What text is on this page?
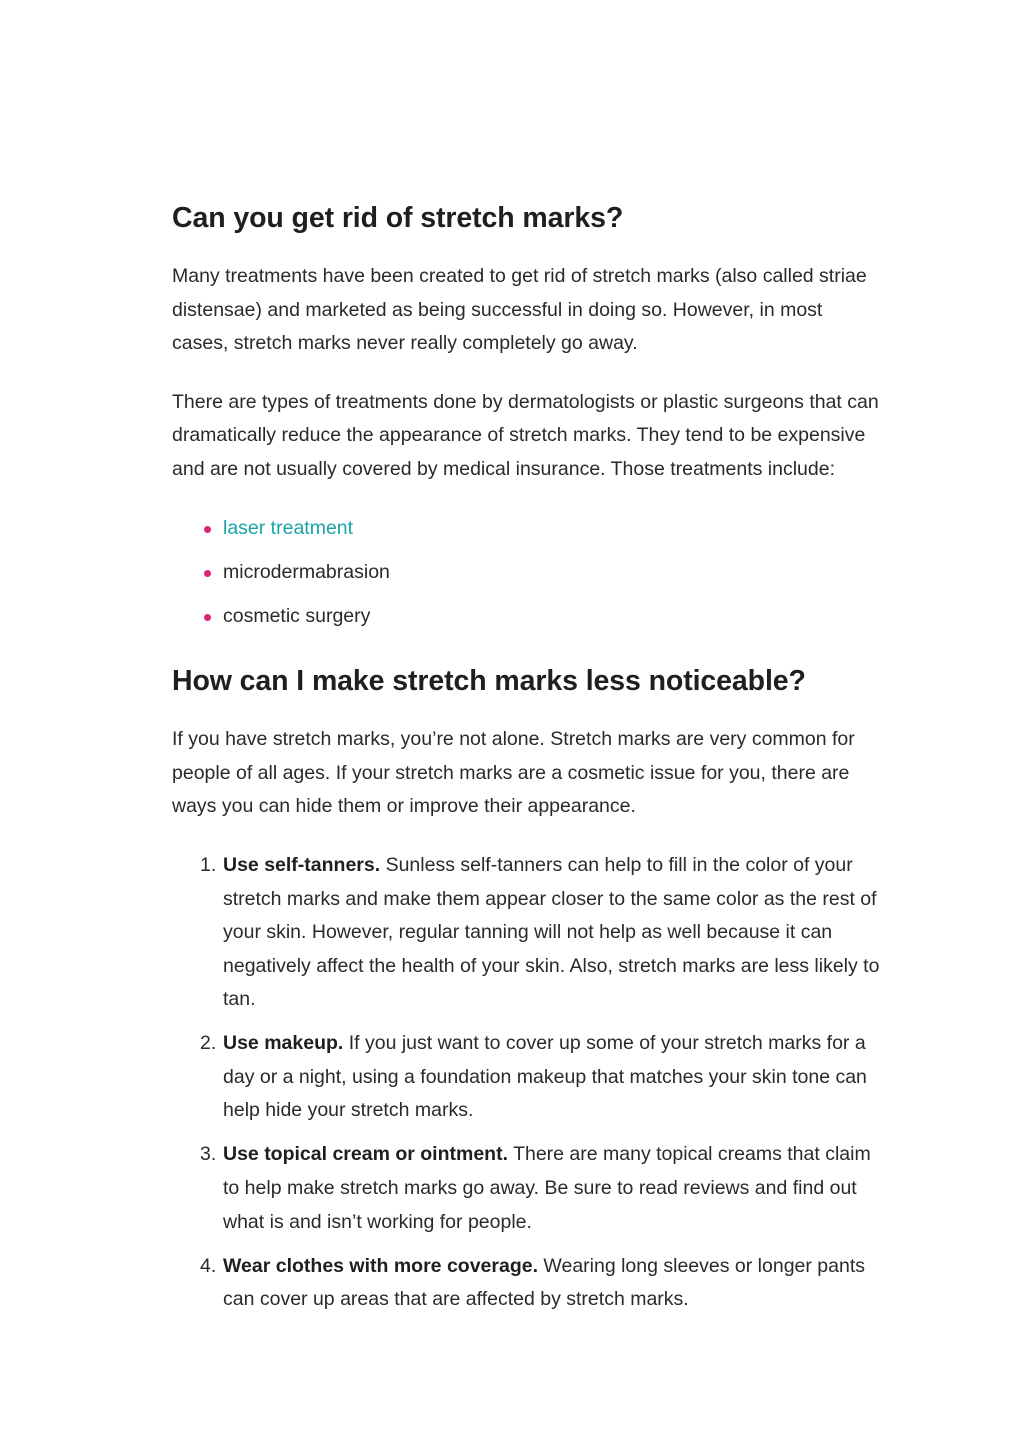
Can you get rid of stretch marks?

Many treatments have been created to get rid of stretch marks (also called striae distensae) and marketed as being successful in doing so. However, in most cases, stretch marks never really completely go away.

There are types of treatments done by dermatologists or plastic surgeons that can dramatically reduce the appearance of stretch marks. They tend to be expensive and are not usually covered by medical insurance. Those treatments include:

laser treatment
microdermabrasion
cosmetic surgery
How can I make stretch marks less noticeable?

If you have stretch marks, you’re not alone. Stretch marks are very common for people of all ages. If your stretch marks are a cosmetic issue for you, there are ways you can hide them or improve their appearance.

1. Use self-tanners. Sunless self-tanners can help to fill in the color of your stretch marks and make them appear closer to the same color as the rest of your skin. However, regular tanning will not help as well because it can negatively affect the health of your skin. Also, stretch marks are less likely to tan.
2. Use makeup. If you just want to cover up some of your stretch marks for a day or a night, using a foundation makeup that matches your skin tone can help hide your stretch marks.
3. Use topical cream or ointment. There are many topical creams that claim to help make stretch marks go away. Be sure to read reviews and find out what is and isn’t working for people.
4. Wear clothes with more coverage. Wearing long sleeves or longer pants can cover up areas that are affected by stretch marks.
